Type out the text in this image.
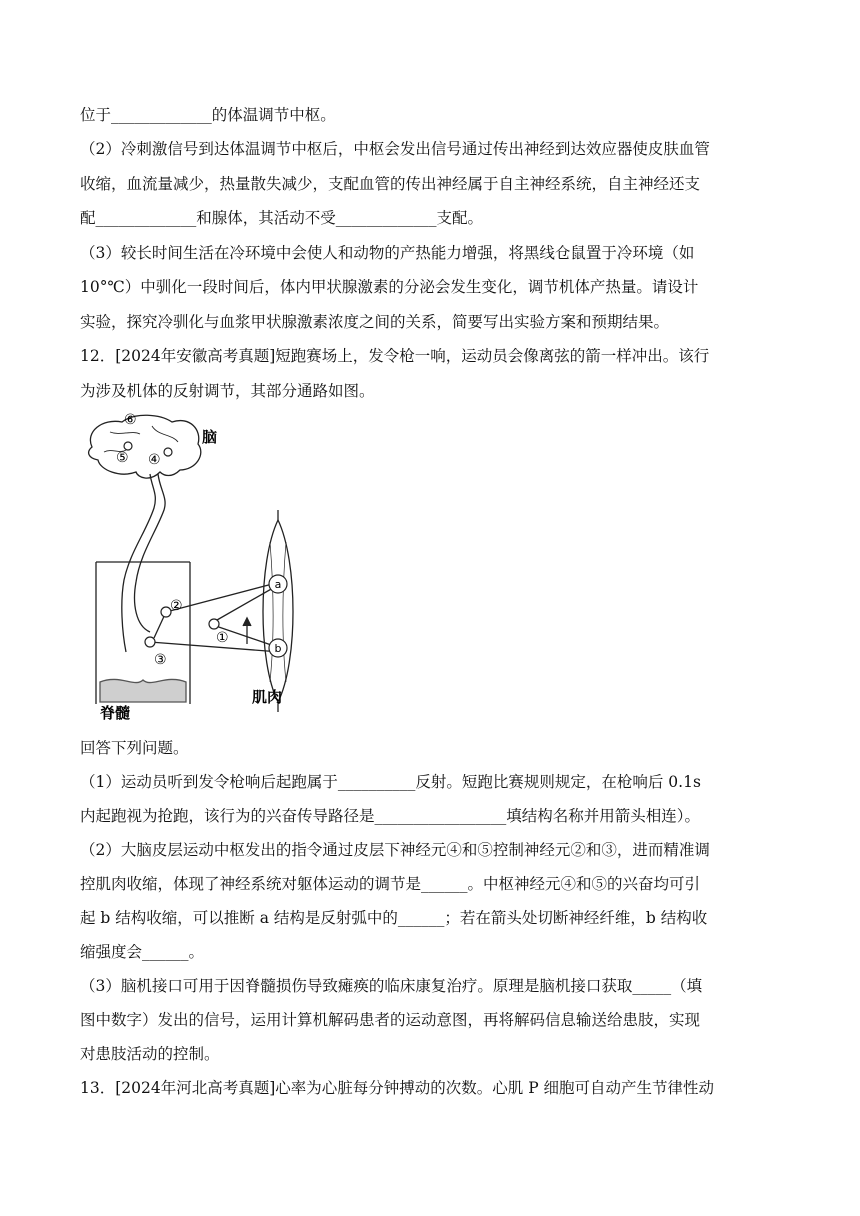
位于_____________的体温调节中枢。
（2）冷刺激信号到达体温调节中枢后，中枢会发出信号通过传出神经到达效应器使皮肤血管
收缩，血流量减少，热量散失减少，支配血管的传出神经属于自主神经系统，自主神经还支
配_____________和腺体，其活动不受_____________支配。
（3）较长时间生活在冷环境中会使人和动物的产热能力增强，将黑线仓鼠置于冷环境（如
10°℃）中驯化一段时间后，体内甲状腺激素的分泌会发生变化，调节机体产热量。请设计
实验，探究冷驯化与血浆甲状腺激素浓度之间的关系，简要写出实验方案和预期结果。
12．[2024年安徽高考真题]短跑赛场上，发令枪一响，运动员会像离弦的箭一样冲出。该行
为涉及机体的反射调节，其部分通路如图。
a
b
⑥
⑤ ④
②
③
①
脑
肌肉
脊髓
回答下列问题。
（1）运动员听到发令枪响后起跑属于__________反射。短跑比赛规则规定，在枪响后 0.1s
内起跑视为抢跑，该行为的兴奋传导路径是_________________填结构名称并用箭头相连）。
（2）大脑皮层运动中枢发出的指令通过皮层下神经元④和⑤控制神经元②和③，进而精准调
控肌肉收缩，体现了神经系统对躯体运动的调节是______。中枢神经元④和⑤的兴奋均可引
起 b 结构收缩，可以推断 a 结构是反射弧中的______；若在箭头处切断神经纤维，b 结构收
缩强度会______。
（3）脑机接口可用于因脊髓损伤导致瘫痪的临床康复治疗。原理是脑机接口获取_____（填
图中数字）发出的信号，运用计算机解码患者的运动意图，再将解码信息输送给患肢，实现
对患肢活动的控制。
13．[2024年河北高考真题]心率为心脏每分钟搏动的次数。心肌 P 细胞可自动产生节律性动
